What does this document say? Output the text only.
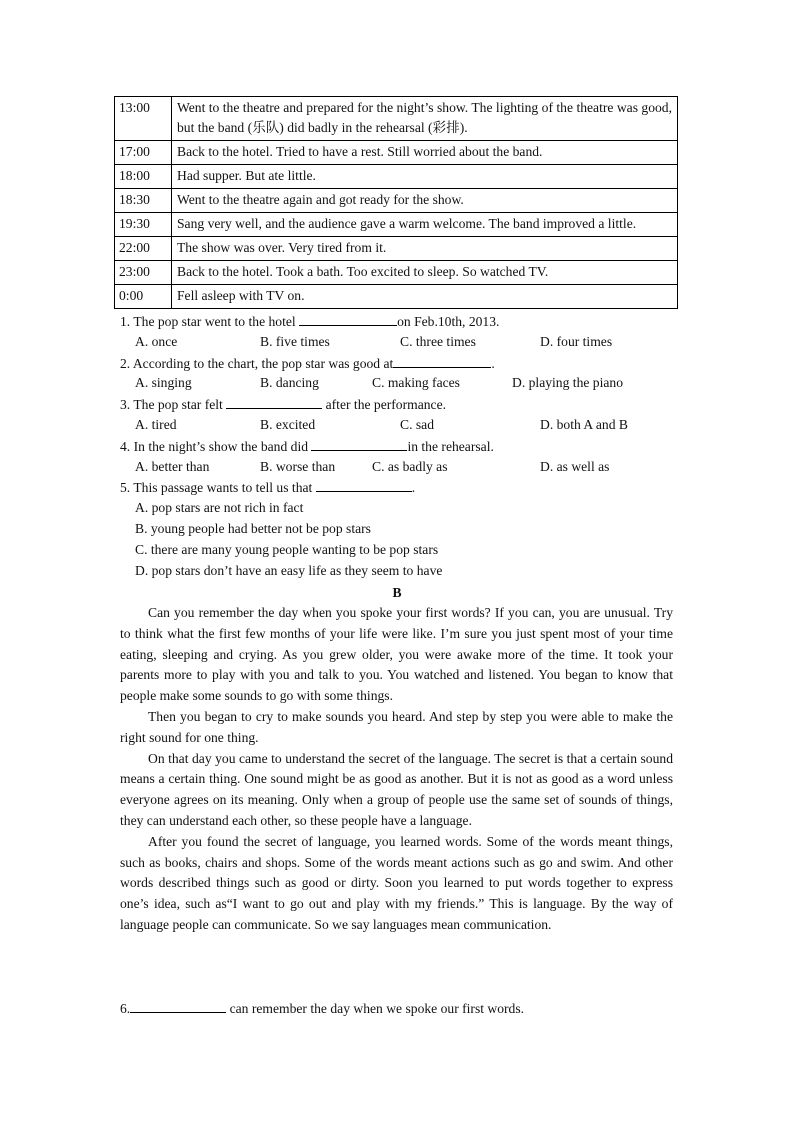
13:00	Went to the theatre and prepared for the night’s show. The lighting of the theatre was good, but the band (乐队) did badly in the rehearsal (彩排).
17:00	Back to the hotel. Tried to have a rest. Still worried about the band.
18:00	Had supper. But ate little.
18:30	Went to the theatre again and got ready for the show.
19:30	Sang very well, and the audience gave a warm welcome. The band improved a little.
22:00	The show was over. Very tired from it.
23:00	Back to the hotel. Took a bath. Too excited to sleep. So watched TV.
0:00	Fell asleep with TV on.
1. The pop star went to the hotel	on Feb.10th, 2013.
A. once	B. five times	C. three times	D. four times
2. According to the chart, the pop star was good at	.
A. singing	B. dancing	C. making faces	D. playing the piano
3. The pop star felt	after the performance.
A. tired	B. excited	C. sad	D. both A and B
4. In the night’s show the band did	in the rehearsal.
A. better than	B. worse than	C. as badly as	D. as well as
5. This passage wants to tell us that	.
A. pop stars are not rich in fact
B. young people had better not be pop stars
C. there are many young people wanting to be pop stars
D. pop stars don’t have an easy life as they seem to have
B

Can you remember the day when you spoke your first words? If you can, you are unusual. Try to think what the first few months of your life were like. I’m sure you just spent most of your time eating, sleeping and crying. As you grew older, you were awake more of the time. It took your parents more to play with you and talk to you. You watched and listened. You began to know that people make some sounds to go with some things.

Then you began to cry to make sounds you heard. And step by step you were able to make the right sound for one thing.

On that day you came to understand the secret of the language. The secret is that a certain sound means a certain thing. One sound might be as good as another. But it is not as good as a word unless everyone agrees on its meaning. Only when a group of people use the same set of sounds of things, they can understand each other, so these people have a language.

After you found the secret of language, you learned words. Some of the words meant things, such as books, chairs and shops. Some of the words meant actions such as go and swim. And other words described things such as good or dirty. Soon you learned to put words together to express one’s idea, such as“I want to go out and play with my friends.” This is language. By the way of language people can communicate. So we say languages mean communication.

6.	can remember the day when we spoke our first words.
